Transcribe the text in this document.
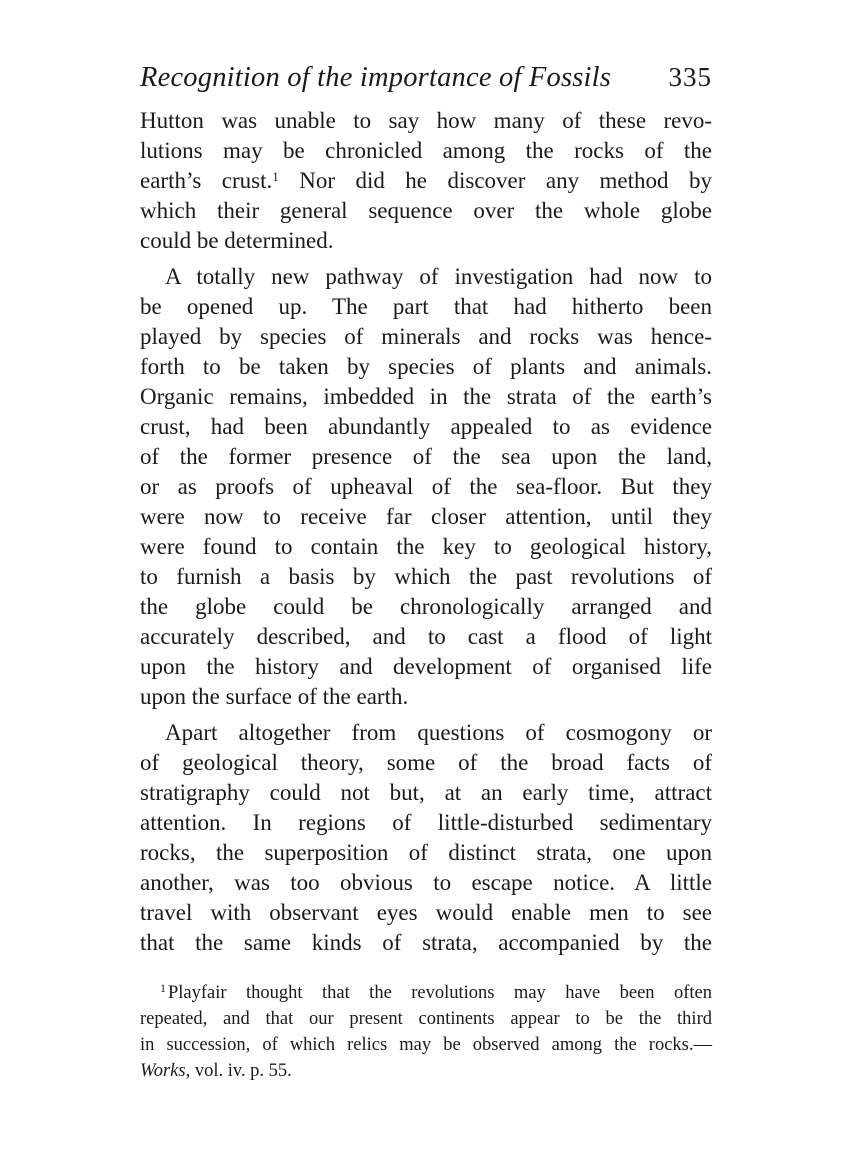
Recognition of the importance of Fossils 335

Hutton was unable to say how many of these revo-

lutions may be chronicled among the rocks of the

earth’s crust.$^1$ Nor did he discover any method by

which their general sequence over the whole globe

could be determined.

A totally new pathway of investigation had now to

be opened up. The part that had hitherto been

played by species of minerals and rocks was hence-

forth to be taken by species of plants and animals.

Organic remains, imbedded in the strata of the earth’s

crust, had been abundantly appealed to as evidence

of the former presence of the sea upon the land,

or as proofs of upheaval of the sea-floor. But they

were now to receive far closer attention, until they

were found to contain the key to geological history,

to furnish a basis by which the past revolutions of

the globe could be chronologically arranged and

accurately described, and to cast a flood of light

upon the history and development of organised life

upon the surface of the earth.

Apart altogether from questions of cosmogony or

of geological theory, some of the broad facts of

stratigraphy could not but, at an early time, attract

attention. In regions of little-disturbed sedimentary

rocks, the superposition of distinct strata, one upon

another, was too obvious to escape notice. A little

travel with observant eyes would enable men to see

that the same kinds of strata, accompanied by the

$^1$ Playfair thought that the revolutions may have been often

repeated, and that our present continents appear to be the third

in succession, of which relics may be observed among the rocks.—

Works, vol. iv. p. 55.
